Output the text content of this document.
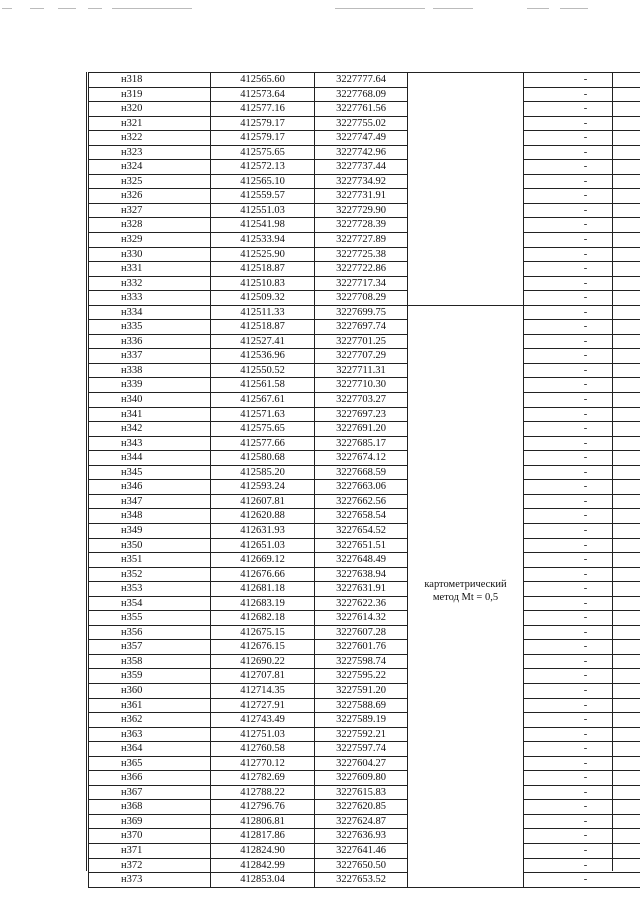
н318	412565.60	3227777.64		-
н319	412573.64	3227768.09		-
н320	412577.16	3227761.56		-
н321	412579.17	3227755.02		-
н322	412579.17	3227747.49		-
н323	412575.65	3227742.96		-
н324	412572.13	3227737.44		-
н325	412565.10	3227734.92		-
н326	412559.57	3227731.91		-
н327	412551.03	3227729.90		-
н328	412541.98	3227728.39		-
н329	412533.94	3227727.89		-
н330	412525.90	3227725.38		-
н331	412518.87	3227722.86		-
н332	412510.83	3227717.34		-
н333	412509.32	3227708.29		-
н334	412511.33	3227699.75	картометрический
метод Mt = 0,5	-
н335	412518.87	3227697.74		-
н336	412527.41	3227701.25		-
н337	412536.96	3227707.29		-
н338	412550.52	3227711.31		-
н339	412561.58	3227710.30		-
н340	412567.61	3227703.27		-
н341	412571.63	3227697.23		-
н342	412575.65	3227691.20		-
н343	412577.66	3227685.17		-
н344	412580.68	3227674.12		-
н345	412585.20	3227668.59		-
н346	412593.24	3227663.06		-
н347	412607.81	3227662.56		-
н348	412620.88	3227658.54		-
н349	412631.93	3227654.52		-
н350	412651.03	3227651.51		-
н351	412669.12	3227648.49		-
н352	412676.66	3227638.94		-
н353	412681.18	3227631.91		-
н354	412683.19	3227622.36		-
н355	412682.18	3227614.32		-
н356	412675.15	3227607.28		-
н357	412676.15	3227601.76		-
н358	412690.22	3227598.74		-
н359	412707.81	3227595.22		-
н360	412714.35	3227591.20		-
н361	412727.91	3227588.69		-
н362	412743.49	3227589.19		-
н363	412751.03	3227592.21		-
н364	412760.58	3227597.74		-
н365	412770.12	3227604.27		-
н366	412782.69	3227609.80		-
н367	412788.22	3227615.83		-
н368	412796.76	3227620.85		-
н369	412806.81	3227624.87		-
н370	412817.86	3227636.93		-
н371	412824.90	3227641.46		-
н372	412842.99	3227650.50		-
н373	412853.04	3227653.52		-
